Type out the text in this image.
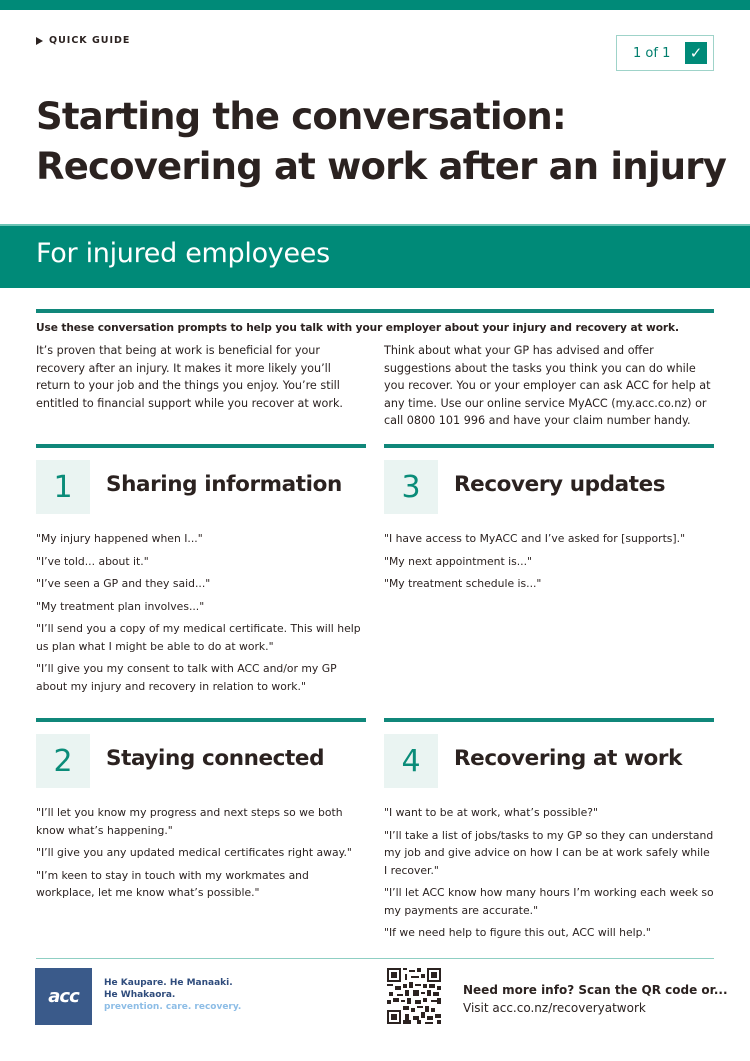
QUICK GUIDE
1 of 1	✓
Starting the conversation:
Recovering at work after an injury
For injured employees
Use these conversation prompts to help you talk with your employer about your injury and recovery at work.
It’s proven that being at work is beneficial for your recovery after an injury. It makes it more likely you’ll return to your job and the things you enjoy. You’re still entitled to financial support while you recover at work.
Think about what your GP has advised and offer suggestions about the tasks you think you can do while you recover. You or your employer can ask ACC for help at any time. Use our online service MyACC (my.acc.co.nz) or call 0800 101 996 and have your claim number handy.
1	Sharing information

"My injury happened when I..."

"I’ve told... about it."

"I’ve seen a GP and they said..."

"My treatment plan involves..."

"I’ll send you a copy of my medical certificate. This will help us plan what I might be able to do at work."

"I’ll give you my consent to talk with ACC and/or my GP about my injury and recovery in relation to work."

3	Recovery updates

"I have access to MyACC and I’ve asked for [supports]."

"My next appointment is..."

"My treatment schedule is..."

2	Staying connected

"I’ll let you know my progress and next steps so we both know what’s happening."

"I’ll give you any updated medical certificates right away."

"I’m keen to stay in touch with my workmates and workplace, let me know what’s possible."

4	Recovering at work

"I want to be at work, what’s possible?"

"I’ll take a list of jobs/tasks to my GP so they can understand my job and give advice on how I can be at work safely while I recover."

"I’ll let ACC know how many hours I’m working each week so my payments are accurate."

"If we need help to figure this out, ACC will help."

acc
He Kaupare. He Manaaki.
He Whakaora.
prevention. care. recovery.
Need more info? Scan the QR code or...
Visit acc.co.nz/recoveryatwork
